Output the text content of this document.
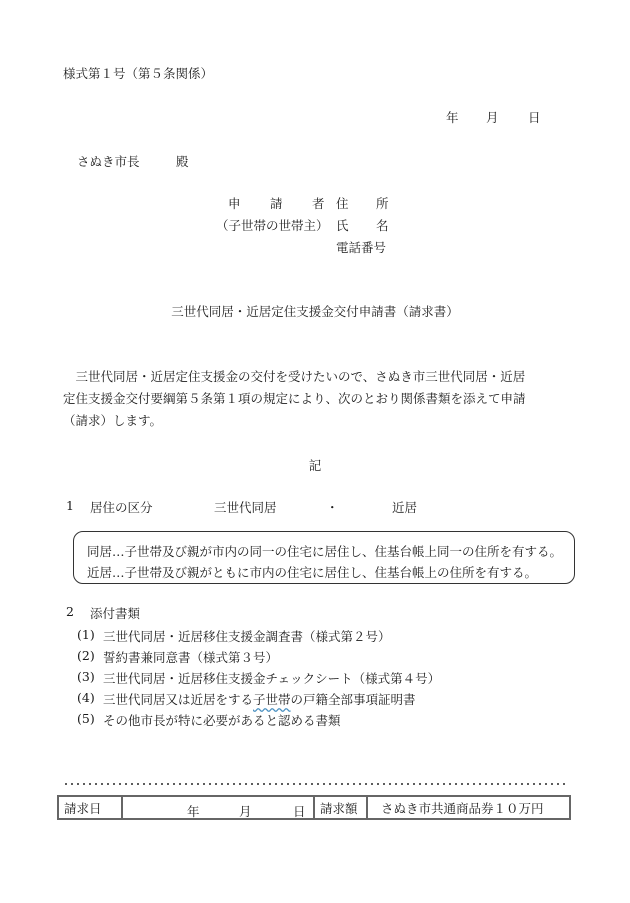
様式第１号（第５条関係）
年 月 日
さぬき市長	殿
申 請 者 住 所
（子世帯の世帯主） 氏 名
電話番号
三世代同居・近居定住支援金交付申請書（請求書）

　三世代同居・近居定住支援金の交付を受けたいので、さぬき市三世代同居・近居

定住支援金交付要綱第５条第１項の規定により、次のとおり関係書類を添えて申請

（請求）します。

記
1 居住の区分	三世代同居	・	近居
同居…子世帯及び親が市内の同一の住宅に居住し、住基台帳上同一の住所を有する。
近居…子世帯及び親がともに市内の住宅に居住し、住基台帳上の住所を有する。
2 添付書類
(1) 三世代同居・近居移住支援金調査書（様式第２号）
(2) 誓約書兼同意書（様式第３号）
(3) 三世代同居・近居移住支援金チェックシート（様式第４号）
(4) 三世代同居又は近居をする子世帯の戸籍全部事項証明書
(5) その他市長が特に必要があると認める書類
請求日	年	月	日	請求額	さぬき市共通商品券１０万円
